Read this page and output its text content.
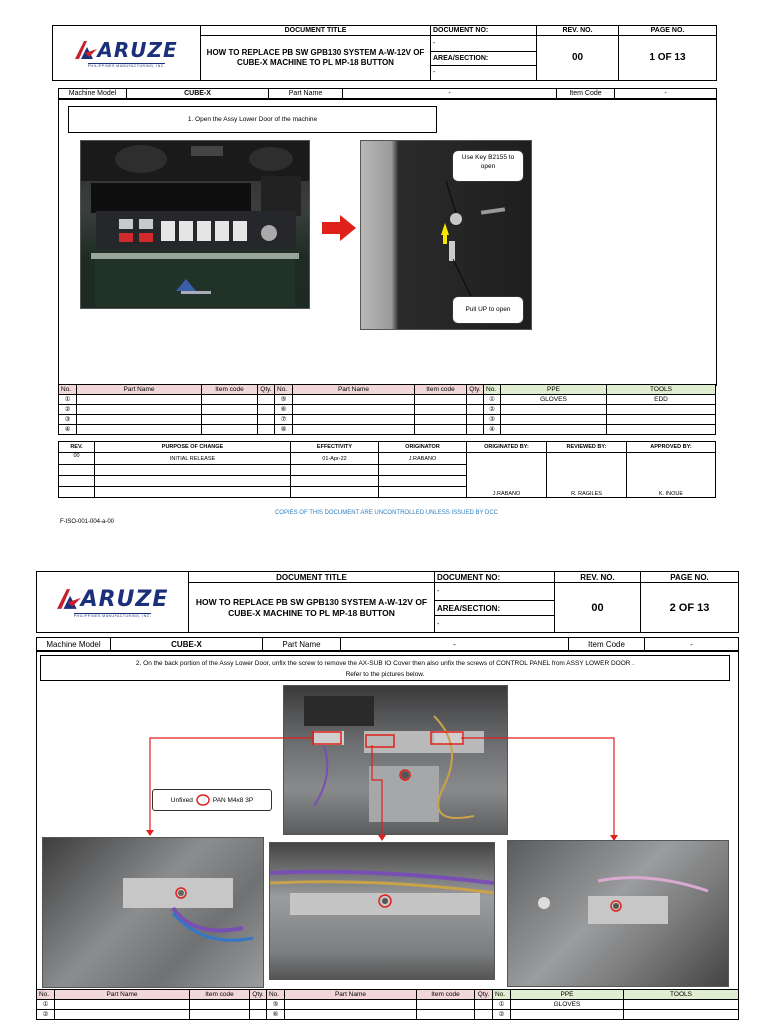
ARUZE
PHILIPPINES MANUFACTURING, INC.	DOCUMENT TITLE	DOCUMENT NO:	REV. NO.	PAGE NO.
	HOW TO REPLACE PB SW GPB130 SYSTEM A-W-12V OF CUBE-X MACHINE TO PL MP-18 BUTTON	-	00	1 OF 13
		AREA/SECTION:		
		-		
Machine Model	CUBE-X	Part Name	-	Item Code	-
1. Open the Assy Lower Door of the machine
Use Key B2155 to open
Pull UP to open
No.	Part Name	Item code	Qty.	No.	Part Name	Item code	Qty.	No.	PPE	TOOLS
①				⑤				①	GLOVES	EDD
②				⑥				②		
③				⑦				③		
④				⑧				④		
REV.	PURPOSE OF CHANGE	EFFECTIVITY	ORIGINATOR	ORIGINATED BY:	REVIEWED BY:	APPROVED BY:
00	INITIAL RELEASE	01-Apr-22	J.RABANO	J.RABANO	R. RAGILES	K. INOUE

COPIES OF THIS DOCUMENT ARE UNCONTROLLED UNLESS ISSUED BY DCC
F-ISO-001-004-a-00
ARUZE
PHILIPPINES MANUFACTURING, INC.	DOCUMENT TITLE	DOCUMENT NO:	REV. NO.	PAGE NO.
	HOW TO REPLACE PB SW GPB130 SYSTEM A-W-12V OF CUBE-X MACHINE TO PL MP-18 BUTTON	-	00	2 OF 13
		AREA/SECTION:		
		-		
Machine Model	CUBE-X	Part Name	-	Item Code	-
2. On the back portion of the Assy Lower Door, unfix the screw to remove the AX-SUB IO Cover then also unfix the screws of CONTROL PANEL from ASSY LOWER DOOR .
Refer to the pictures below.
Unfixed	PAN M4x8 3P
No.	Part Name	Item code	Qty.	No.	Part Name	Item code	Qty.	No.	PPE	TOOLS
①				⑤				①	GLOVES	
②				⑥				②		
